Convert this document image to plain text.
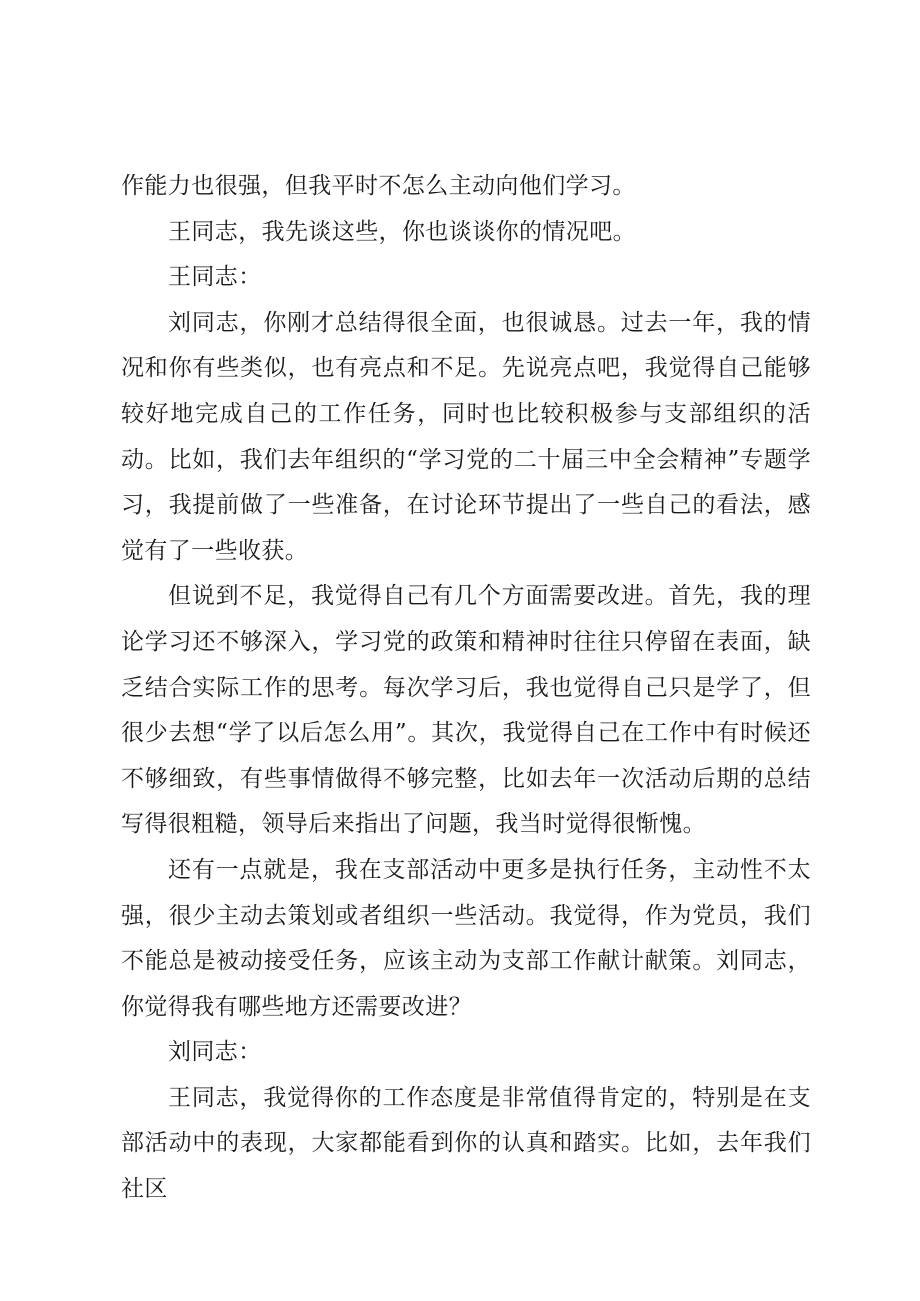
作能力也很强，但我平时不怎么主动向他们学习。

王同志，我先谈这些，你也谈谈你的情况吧。

王同志：

刘同志，你刚才总结得很全面，也很诚恳。过去一年，我的情况和你有些类似，也有亮点和不足。先说亮点吧，我觉得自己能够较好地完成自己的工作任务，同时也比较积极参与支部组织的活动。比如，我们去年组织的“学习党的二十届三中全会精神”专题学习，我提前做了一些准备，在讨论环节提出了一些自己的看法，感觉有了一些收获。

但说到不足，我觉得自己有几个方面需要改进。首先，我的理论学习还不够深入，学习党的政策和精神时往往只停留在表面，缺乏结合实际工作的思考。每次学习后，我也觉得自己只是学了，但很少去想“学了以后怎么用”。其次，我觉得自己在工作中有时候还不够细致，有些事情做得不够完整，比如去年一次活动后期的总结写得很粗糙，领导后来指出了问题，我当时觉得很惭愧。

还有一点就是，我在支部活动中更多是执行任务，主动性不太强，很少主动去策划或者组织一些活动。我觉得，作为党员，我们不能总是被动接受任务，应该主动为支部工作献计献策。刘同志，你觉得我有哪些地方还需要改进？

刘同志：

王同志，我觉得你的工作态度是非常值得肯定的，特别是在支部活动中的表现，大家都能看到你的认真和踏实。比如，去年我们社区
